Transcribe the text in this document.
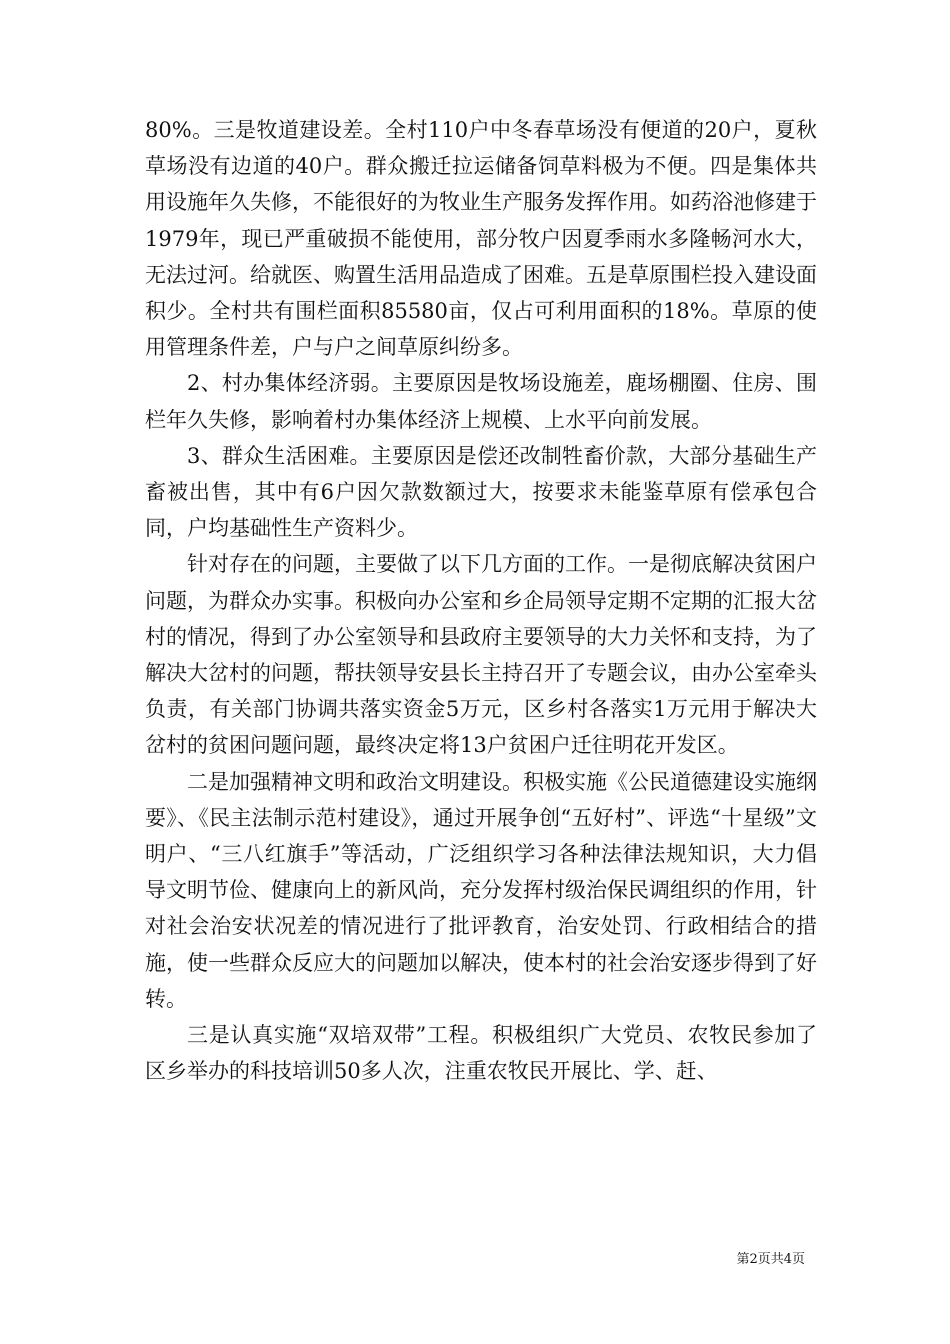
80%。三是牧道建设差。全村110户中冬春草场没有便道的20户，夏秋草场没有边道的40户。群众搬迁拉运储备饲草料极为不便。四是集体共用设施年久失修，不能很好的为牧业生产服务发挥作用。如药浴池修建于1979年，现已严重破损不能使用，部分牧户因夏季雨水多隆畅河水大，无法过河。给就医、购置生活用品造成了困难。五是草原围栏投入建设面积少。全村共有围栏面积85580亩，仅占可利用面积的18%。草原的使用管理条件差，户与户之间草原纠纷多。

2、村办集体经济弱。主要原因是牧场设施差，鹿场棚圈、住房、围栏年久失修，影响着村办集体经济上规模、上水平向前发展。

3、群众生活困难。主要原因是偿还改制牲畜价款，大部分基础生产畜被出售，其中有6户因欠款数额过大，按要求未能鉴草原有偿承包合同，户均基础性生产资料少。

针对存在的问题，主要做了以下几方面的工作。一是彻底解决贫困户问题，为群众办实事。积极向办公室和乡企局领导定期不定期的汇报大岔村的情况，得到了办公室领导和县政府主要领导的大力关怀和支持，为了解决大岔村的问题，帮扶领导安县长主持召开了专题会议，由办公室牵头负责，有关部门协调共落实资金5万元，区乡村各落实1万元用于解决大岔村的贫困问题问题，最终决定将13户贫困户迁往明花开发区。

二是加强精神文明和政治文明建设。积极实施《公民道德建设实施纲要》、《民主法制示范村建设》，通过开展争创“五好村”、评选“十星级”文明户、“三八红旗手”等活动，广泛组织学习各种法律法规知识，大力倡导文明节俭、健康向上的新风尚，充分发挥村级治保民调组织的作用，针对社会治安状况差的情况进行了批评教育，治安处罚、行政相结合的措施，使一些群众反应大的问题加以解决，使本村的社会治安逐步得到了好转。

三是认真实施“双培双带”工程。积极组织广大党员、农牧民参加了区乡举办的科技培训50多人次，注重农牧民开展比、学、赶、

第2页共4页
